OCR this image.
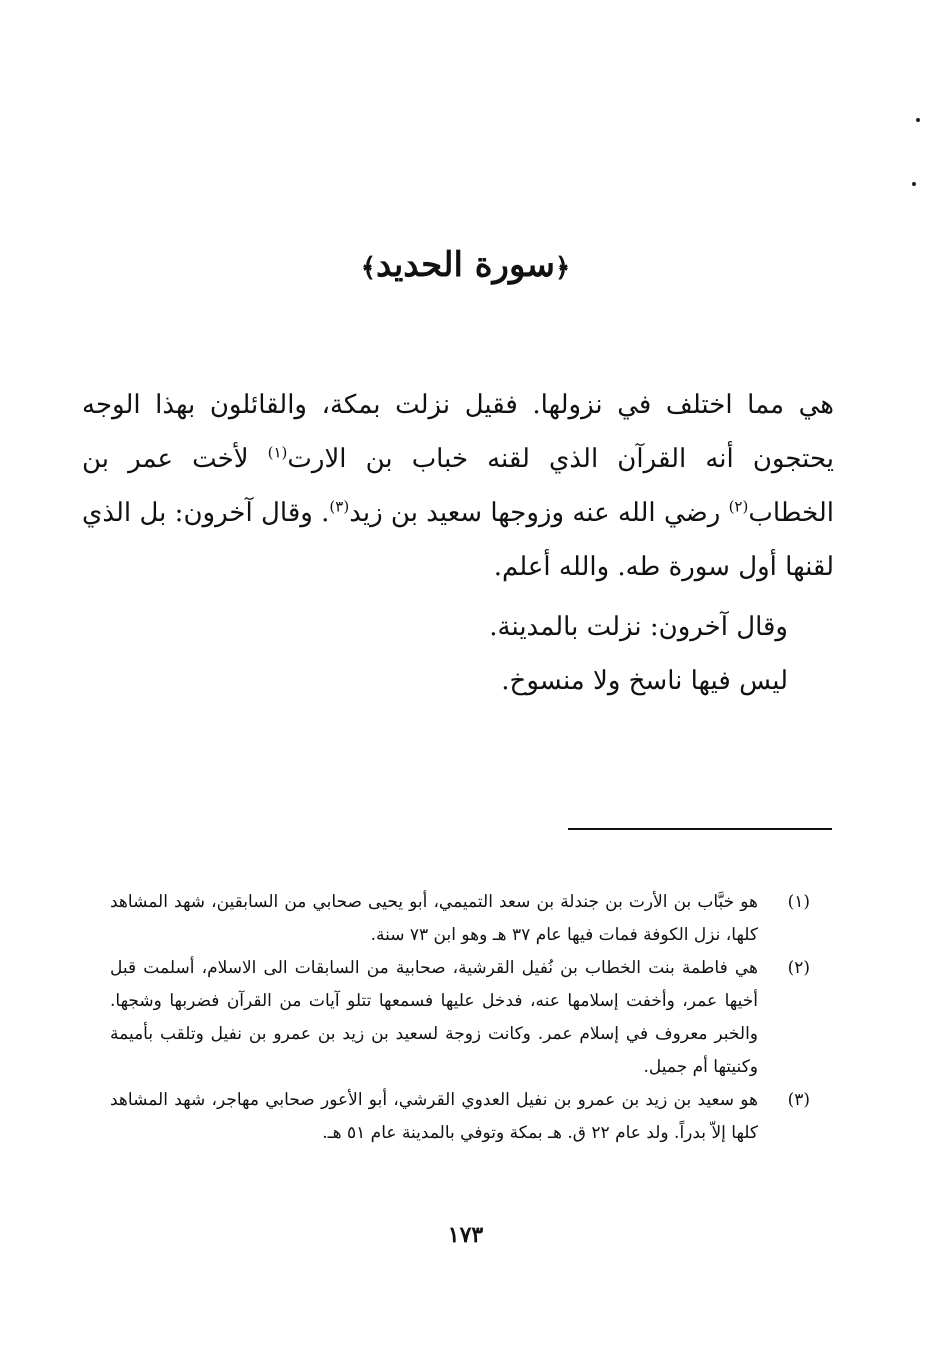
﴿سورة الحديد﴾

هي مما اختلف في نزولها. فقيل نزلت بمكة، والقائلون بهذا الوجه يحتجون أنه القرآن الذي لقنه خباب بن الارت$^{(١)}$ لأخت عمر بن الخطاب$^{(٢)}$ رضي الله عنه وزوجها سعيد بن زيد$^{(٣)}$. وقال آخرون: بل الذي لقنها أول سورة طه. والله أعلم.

وقال آخرون: نزلت بالمدينة.

ليس فيها ناسخ ولا منسوخ.

(١)
هو خبَّاب بن الأرت بن جندلة بن سعد التميمي، أبو يحيى صحابي من السابقين، شهد المشاهد كلها، نزل الكوفة فمات فيها عام ٣٧ هـ وهو ابن ٧٣ سنة.
(٢)
هي فاطمة بنت الخطاب بن نُفيل القرشية، صحابية من السابقات الى الاسلام، أسلمت قبل أخيها عمر، وأخفت إسلامها عنه، فدخل عليها فسمعها تتلو آيات من القرآن فضربها وشجها. والخبر معروف في إسلام عمر. وكانت زوجة لسعيد بن زيد بن عمرو بن نفيل وتلقب بأميمة وكنيتها أم جميل.
(٣)
هو سعيد بن زيد بن عمرو بن نفيل العدوي القرشي، أبو الأعور صحابي مهاجر، شهد المشاهد كلها إلاّ بدراً. ولد عام ٢٢ ق. هـ بمكة وتوفي بالمدينة عام ٥١ هـ.
١٧٣
